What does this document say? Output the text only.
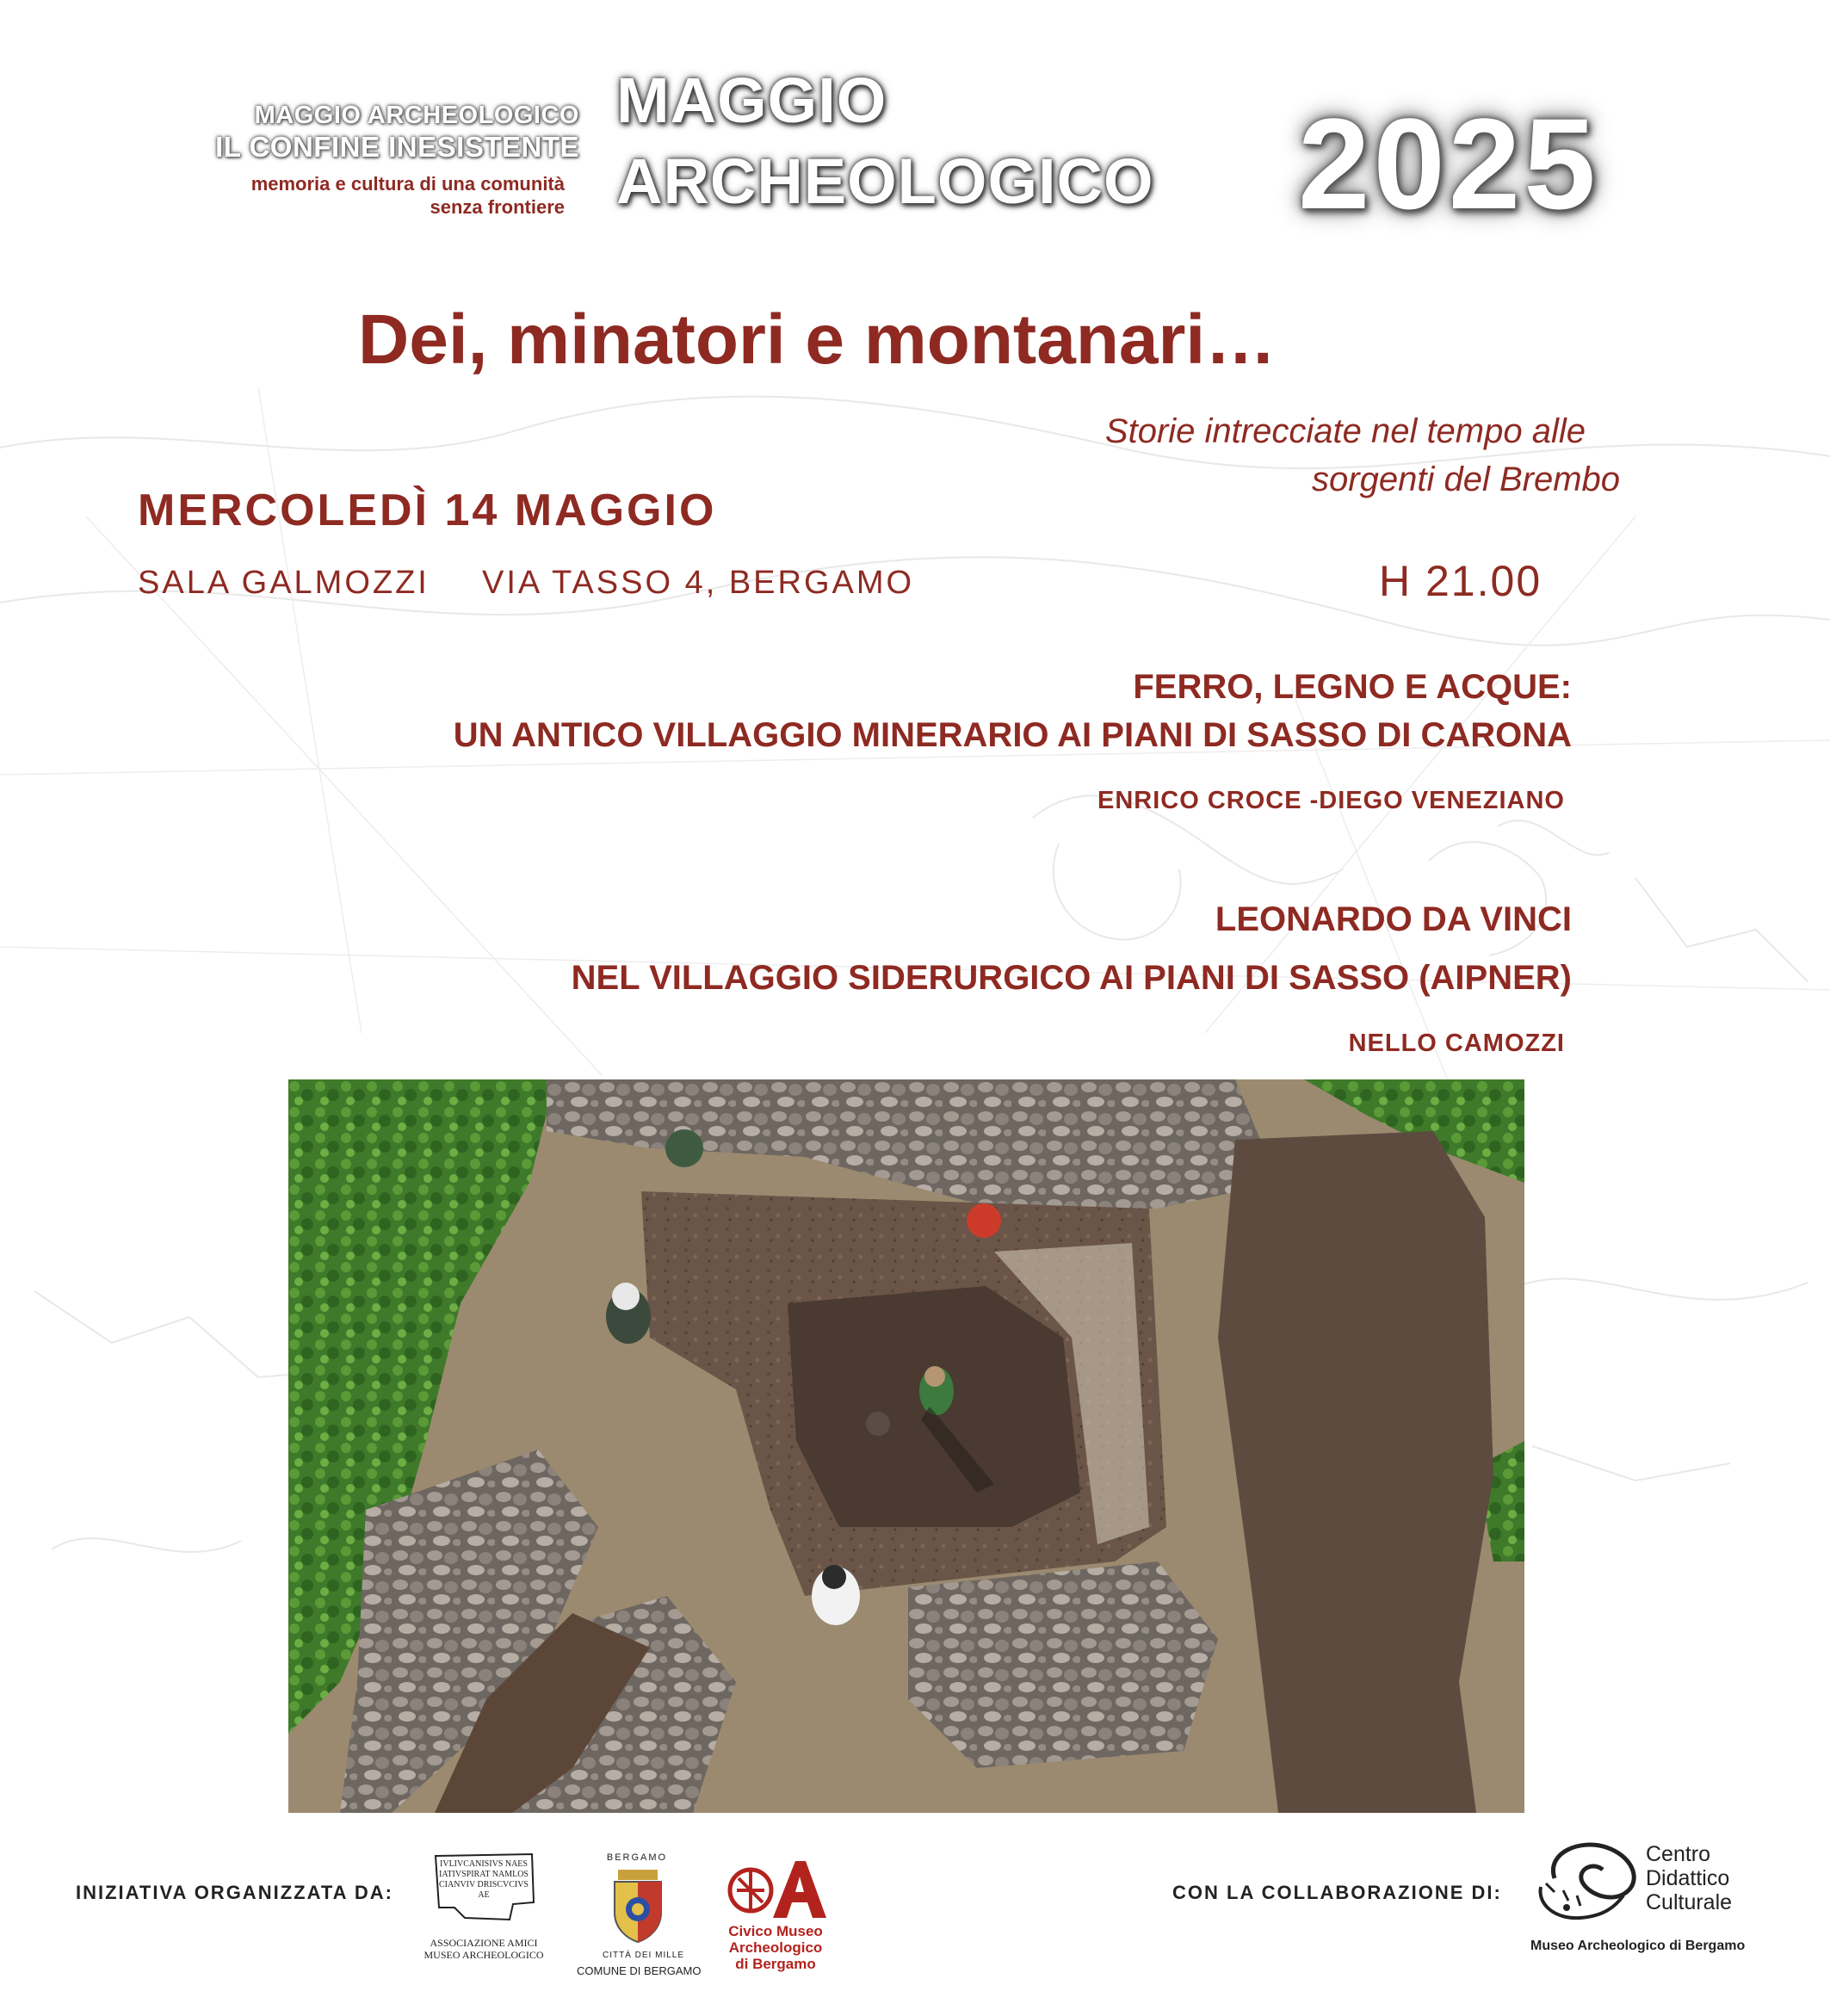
MAGGIO ARCHEOLOGICO
IL CONFINE INESISTENTE
memoria e cultura di una comunità
senza frontiere
MAGGIO
ARCHEOLOGICO 2025
Dei, minatori e montanari…
Storie intrecciate nel tempo alle
sorgenti del Brembo
MERCOLEDÌ 14 MAGGIO
SALA GALMOZZI VIA TASSO 4, BERGAMO	H 21.00
FERRO, LEGNO E ACQUE:
UN ANTICO VILLAGGIO MINERARIO AI PIANI DI SASSO DI CARONA
ENRICO CROCE -DIEGO VENEZIANO
LEONARDO DA VINCI
NEL VILLAGGIO SIDERURGICO AI PIANI DI SASSO (AIPNER)
NELLO CAMOZZI
INIZIATIVA ORGANIZZATA DA:
IVLIVCANISIVS NAESIATIVSPIRAT NAMLOSCIANVIV DRISCVCIVSAE
ASSOCIAZIONE AMICI
MUSEO ARCHEOLOGICO
BERGAMO
CITTÀ DEI MILLE
COMUNE DI BERGAMO
Civico Museo
Archeologico
di Bergamo
CON LA COLLABORAZIONE DI:
Centro
Didattico
Culturale
Museo Archeologico di Bergamo
